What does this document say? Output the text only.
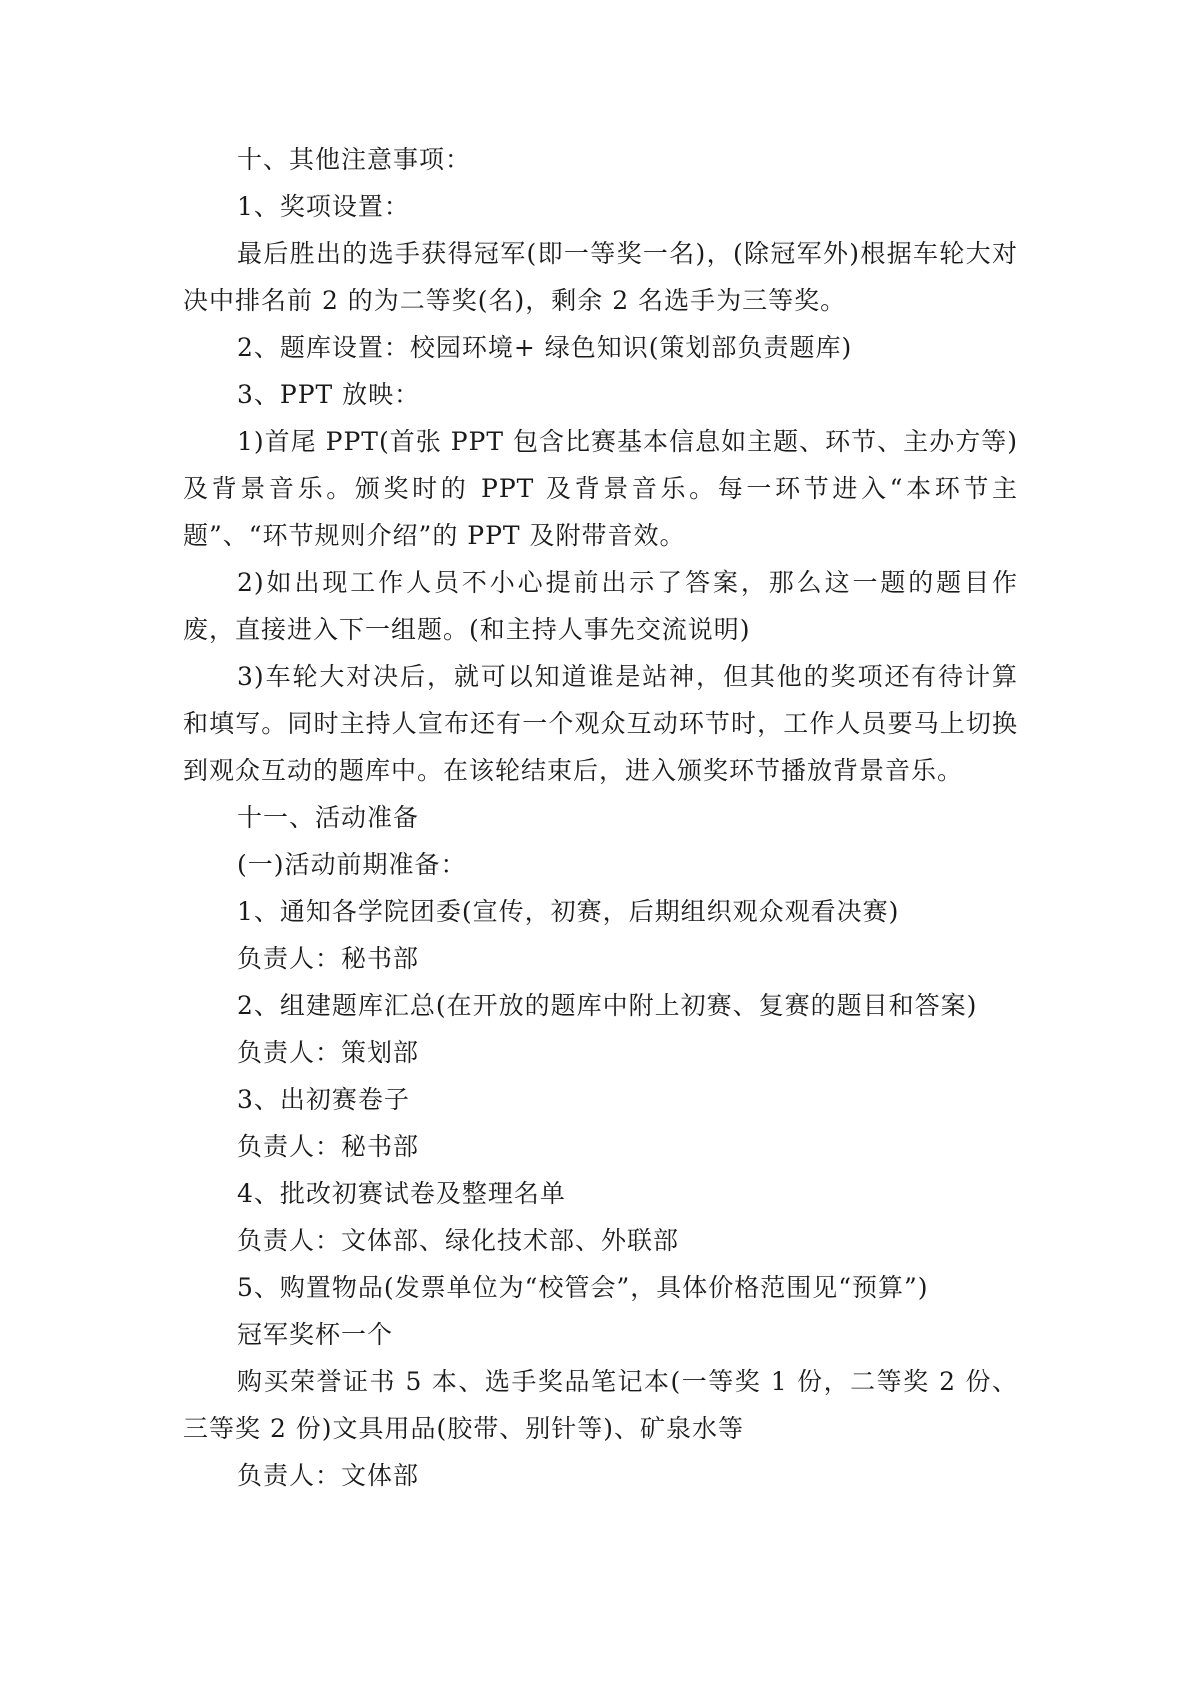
十、其他注意事项：

1、奖项设置：

最后胜出的选手获得冠军(即一等奖一名)，(除冠军外)根据车轮大对决中排名前 2 的为二等奖(名)，剩余 2 名选手为三等奖。

2、题库设置：校园环境+ 绿色知识(策划部负责题库)

3、PPT 放映：

1)首尾 PPT(首张 PPT 包含比赛基本信息如主题、环节、主办方等)及背景音乐。颁奖时的 PPT 及背景音乐。每一环节进入“本环节主题”、“环节规则介绍”的 PPT 及附带音效。

2)如出现工作人员不小心提前出示了答案，那么这一题的题目作废，直接进入下一组题。(和主持人事先交流说明)

3)车轮大对决后，就可以知道谁是站神，但其他的奖项还有待计算和填写。同时主持人宣布还有一个观众互动环节时，工作人员要马上切换到观众互动的题库中。在该轮结束后，进入颁奖环节播放背景音乐。

十一、活动准备

(一)活动前期准备：

1、通知各学院团委(宣传，初赛，后期组织观众观看决赛)

负责人：秘书部

2、组建题库汇总(在开放的题库中附上初赛、复赛的题目和答案)

负责人：策划部

3、出初赛卷子

负责人：秘书部

4、批改初赛试卷及整理名单

负责人：文体部、绿化技术部、外联部

5、购置物品(发票单位为“校管会”，具体价格范围见“预算”)

冠军奖杯一个

购买荣誉证书 5 本、选手奖品笔记本(一等奖 1 份，二等奖 2 份、三等奖 2 份)文具用品(胶带、别针等)、矿泉水等

负责人：文体部
